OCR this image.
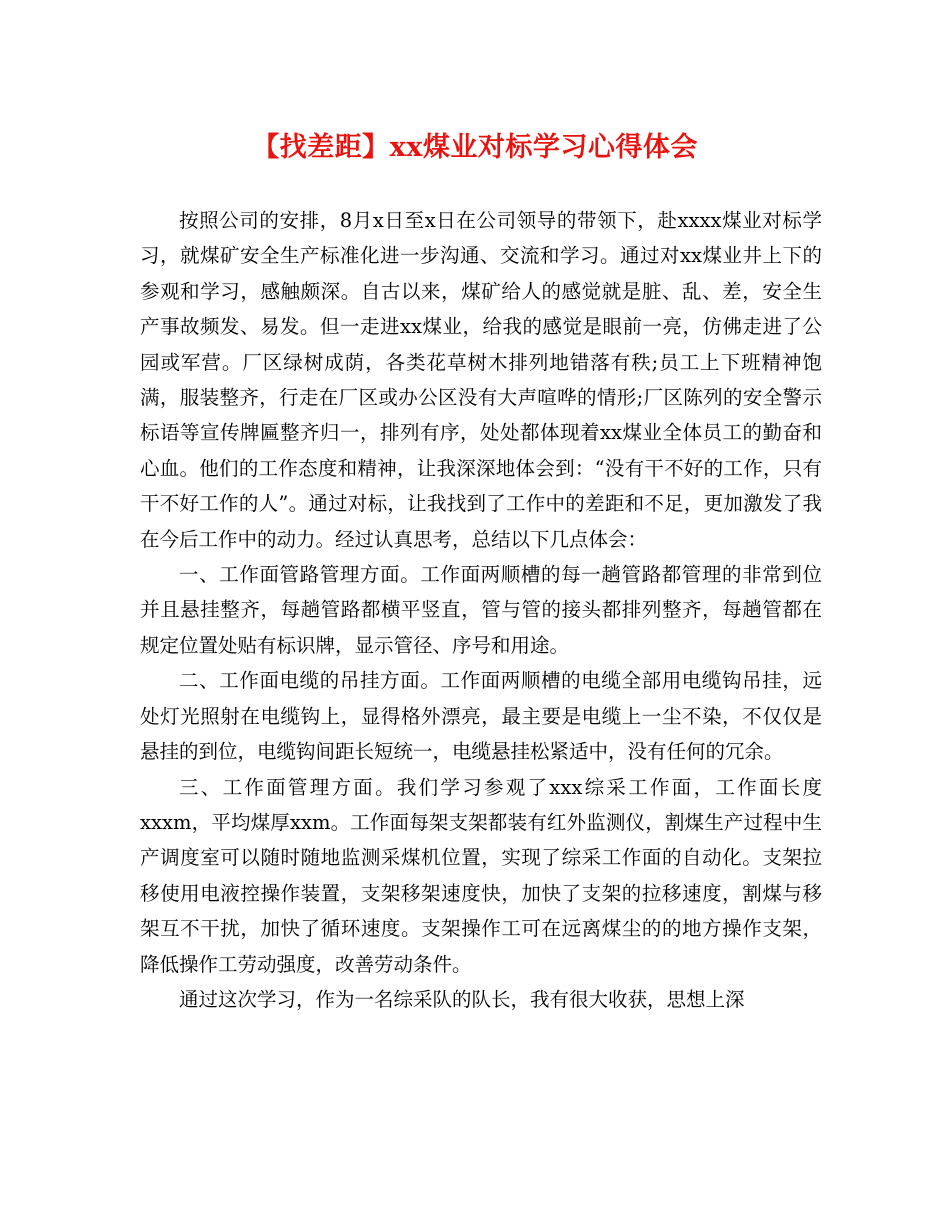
【找差距】xx煤业对标学习心得体会

按照公司的安排，8月x日至x日在公司领导的带领下，赴xxxx煤业对标学习，就煤矿安全生产标准化进一步沟通、交流和学习。通过对xx煤业井上下的参观和学习，感触颇深。自古以来，煤矿给人的感觉就是脏、乱、差，安全生产事故频发、易发。但一走进xx煤业，给我的感觉是眼前一亮，仿佛走进了公园或军营。厂区绿树成荫，各类花草树木排列地错落有秩;员工上下班精神饱满，服装整齐，行走在厂区或办公区没有大声喧哗的情形;厂区陈列的安全警示标语等宣传牌匾整齐归一，排列有序，处处都体现着xx煤业全体员工的勤奋和心血。他们的工作态度和精神，让我深深地体会到：“没有干不好的工作，只有干不好工作的人”。通过对标，让我找到了工作中的差距和不足，更加激发了我在今后工作中的动力。经过认真思考，总结以下几点体会：

一、工作面管路管理方面。工作面两顺槽的每一趟管路都管理的非常到位并且悬挂整齐，每趟管路都横平竖直，管与管的接头都排列整齐，每趟管都在规定位置处贴有标识牌，显示管径、序号和用途。

二、工作面电缆的吊挂方面。工作面两顺槽的电缆全部用电缆钩吊挂，远处灯光照射在电缆钩上，显得格外漂亮，最主要是电缆上一尘不染，不仅仅是悬挂的到位，电缆钩间距长短统一，电缆悬挂松紧适中，没有任何的冗余。

三、工作面管理方面。我们学习参观了xxx综采工作面，工作面长度xxxm，平均煤厚xxm。工作面每架支架都装有红外监测仪，割煤生产过程中生产调度室可以随时随地监测采煤机位置，实现了综采工作面的自动化。支架拉移使用电液控操作装置，支架移架速度快，加快了支架的拉移速度，割煤与移架互不干扰，加快了循环速度。支架操作工可在远离煤尘的的地方操作支架，降低操作工劳动强度，改善劳动条件。

通过这次学习，作为一名综采队的队长，我有很大收获，思想上深
